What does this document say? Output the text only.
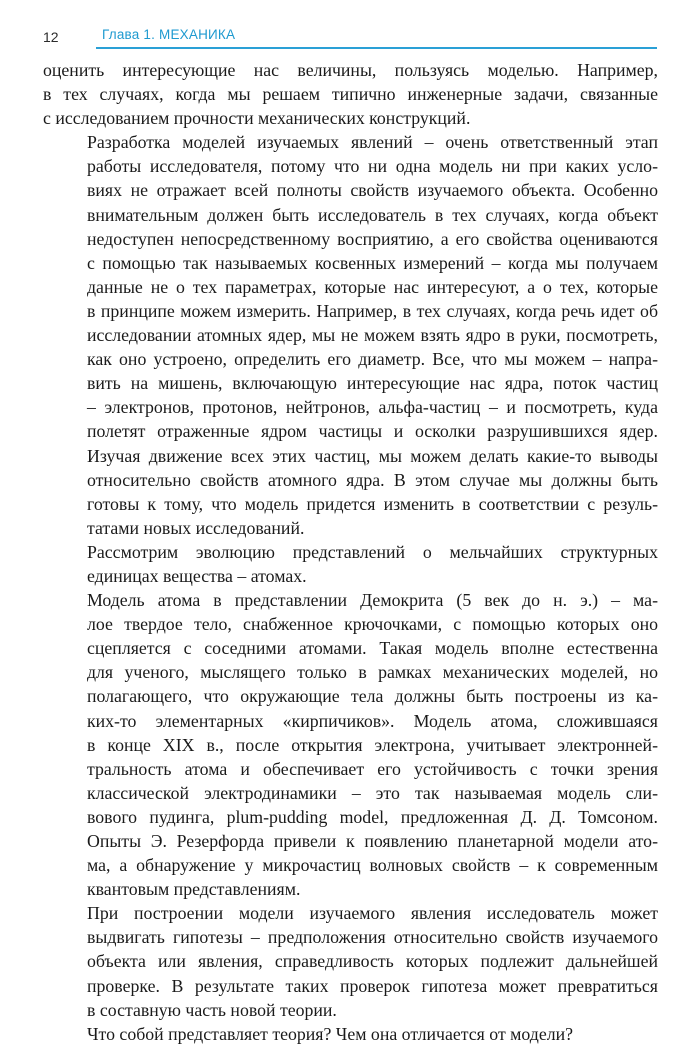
12	Глава 1. МЕХАНИКА

оценить интересующие нас величины, пользуясь моделью. Например,
в тех случаях, когда мы решаем типично инженерные задачи, связанные
с исследованием прочности механических конструкций.

Разработка моделей изучаемых явлений – очень ответственный этап
работы исследователя, потому что ни одна модель ни при каких усло-
виях не отражает всей полноты свойств изучаемого объекта. Особенно
внимательным должен быть исследователь в тех случаях, когда объект
недоступен непосредственному восприятию, а его свойства оцениваются
с помощью так называемых косвенных измерений – когда мы получаем
данные не о тех параметрах, которые нас интересуют, а о тех, которые
в принципе можем измерить. Например, в тех случаях, когда речь идет об
исследовании атомных ядер, мы не можем взять ядро в руки, посмотреть,
как оно устроено, определить его диаметр. Все, что мы можем – напра-
вить на мишень, включающую интересующие нас ядра, поток частиц
– электронов, протонов, нейтронов, альфа-частиц – и посмотреть, куда
полетят отраженные ядром частицы и осколки разрушившихся ядер.
Изучая движение всех этих частиц, мы можем делать какие-то выводы
относительно свойств атомного ядра. В этом случае мы должны быть
готовы к тому, что модель придется изменить в соответствии с резуль-
татами новых исследований.

Рассмотрим эволюцию представлений о мельчайших структурных
единицах вещества – атомах.

Модель атома в представлении Демокрита (5 век до н. э.) – ма-
лое твердое тело, снабженное крючочками, с помощью которых оно
сцепляется с соседними атомами. Такая модель вполне естественна
для ученого, мыслящего только в рамках механических моделей, но
полагающего, что окружающие тела должны быть построены из ка-
ких-то элементарных «кирпичиков». Модель атома, сложившаяся
в конце XIX в., после открытия электрона, учитывает электронней-
тральность атома и обеспечивает его устойчивость с точки зрения
классической электродинамики – это так называемая модель сли-
вового пудинга, plum-pudding model, предложенная Д. Д. Томсоном.
Опыты Э. Резерфорда привели к появлению планетарной модели ато-
ма, а обнаружение у микрочастиц волновых свойств – к современным
квантовым представлениям.

При построении модели изучаемого явления исследователь может
выдвигать гипотезы – предположения относительно свойств изучаемого
объекта или явления, справедливость которых подлежит дальнейшей
проверке. В результате таких проверок гипотеза может превратиться
в составную часть новой теории.

Что собой представляет теория? Чем она отличается от модели?
